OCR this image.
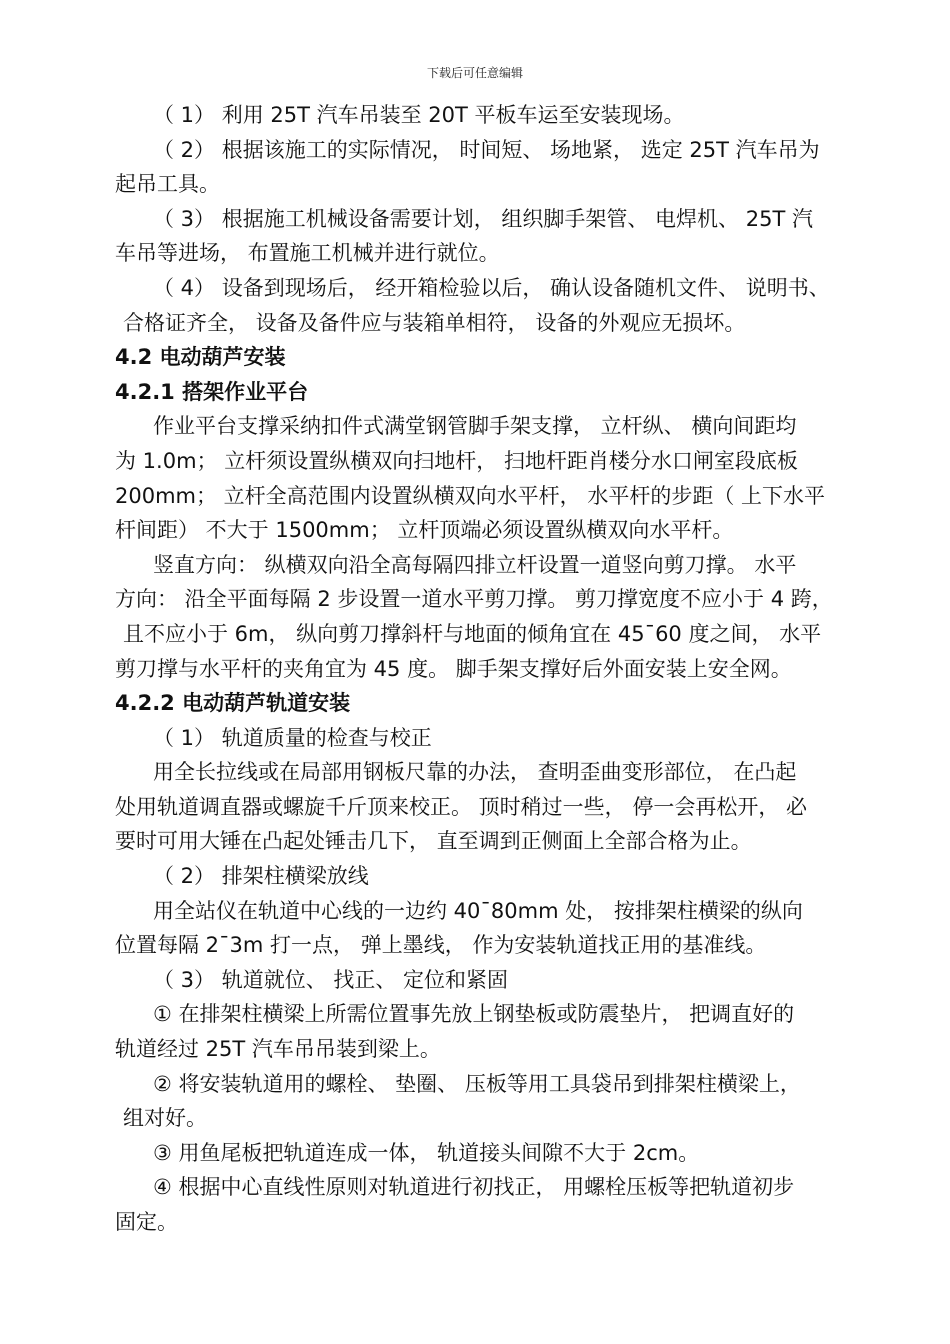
下载后可任意编辑
（ 1） 利用 25T 汽车吊装至 20T 平板车运至安装现场。
（ 2） 根据该施工的实际情况， 时间短、 场地紧， 选定 25T 汽车吊为
起吊工具。
（ 3） 根据施工机械设备需要计划， 组织脚手架管、 电焊机、 25T 汽
车吊等进场， 布置施工机械并进行就位。
（ 4） 设备到现场后， 经开箱检验以后， 确认设备随机文件、 说明书、
合格证齐全， 设备及备件应与装箱单相符， 设备的外观应无损坏。
4.2 电动葫芦安装
4.2.1 搭架作业平台
作业平台支撑采纳扣件式满堂钢管脚手架支撑， 立杆纵、 横向间距均
为 1.0m； 立杆须设置纵横双向扫地杆， 扫地杆距肖楼分水口闸室段底板
200mm； 立杆全高范围内设置纵横双向水平杆， 水平杆的步距（ 上下水平
杆间距） 不大于 1500mm； 立杆顶端必须设置纵横双向水平杆。
竖直方向： 纵横双向沿全高每隔四排立杆设置一道竖向剪刀撑。 水平
方向： 沿全平面每隔 2 步设置一道水平剪刀撑。 剪刀撑宽度不应小于 4 跨，
且不应小于 6m， 纵向剪刀撑斜杆与地面的倾角宜在 45¯60 度之间， 水平
剪刀撑与水平杆的夹角宜为 45 度。 脚手架支撑好后外面安装上安全网。
4.2.2 电动葫芦轨道安装
（ 1） 轨道质量的检查与校正
用全长拉线或在局部用钢板尺靠的办法， 查明歪曲变形部位， 在凸起
处用轨道调直器或螺旋千斤顶来校正。 顶时稍过一些， 停一会再松开， 必
要时可用大锤在凸起处锤击几下， 直至调到正侧面上全部合格为止。
（ 2） 排架柱横梁放线
用全站仪在轨道中心线的一边约 40¯80mm 处， 按排架柱横梁的纵向
位置每隔 2¯3m 打一点， 弹上墨线， 作为安装轨道找正用的基准线。
（ 3） 轨道就位、 找正、 定位和紧固
① 在排架柱横梁上所需位置事先放上钢垫板或防震垫片， 把调直好的
轨道经过 25T 汽车吊吊装到梁上。
② 将安装轨道用的螺栓、 垫圈、 压板等用工具袋吊到排架柱横梁上，
组对好。
③ 用鱼尾板把轨道连成一体， 轨道接头间隙不大于 2cm。
④ 根据中心直线性原则对轨道进行初找正， 用螺栓压板等把轨道初步
固定。
